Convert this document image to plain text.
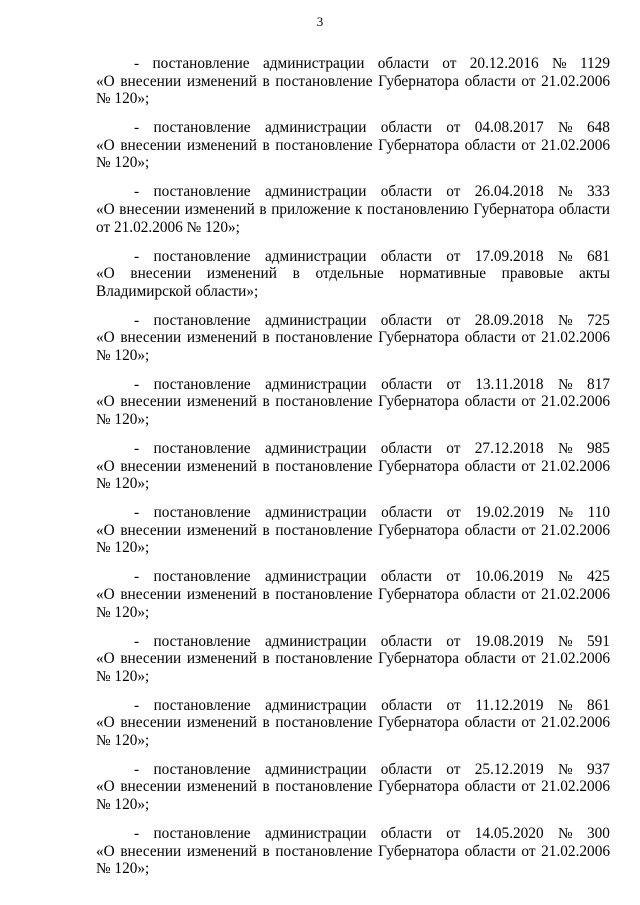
3
- постановление администрации области от 20.12.2016 № 1129
«О внесении изменений в постановление Губернатора области от 21.02.2006
№ 120»;
- постановление администрации области от 04.08.2017 № 648
«О внесении изменений в постановление Губернатора области от 21.02.2006
№ 120»;
- постановление администрации области от 26.04.2018 № 333
«О внесении изменений в приложение к постановлению Губернатора области
от 21.02.2006 № 120»;
- постановление администрации области от 17.09.2018 № 681
«О внесении изменений в отдельные нормативные правовые акты
Владимирской области»;
- постановление администрации области от 28.09.2018 № 725
«О внесении изменений в постановление Губернатора области от 21.02.2006
№ 120»;
- постановление администрации области от 13.11.2018 № 817
«О внесении изменений в постановление Губернатора области от 21.02.2006
№ 120»;
- постановление администрации области от 27.12.2018 № 985
«О внесении изменений в постановление Губернатора области от 21.02.2006
№ 120»;
- постановление администрации области от 19.02.2019 № 110
«О внесении изменений в постановление Губернатора области от 21.02.2006
№ 120»;
- постановление администрации области от 10.06.2019 № 425
«О внесении изменений в постановление Губернатора области от 21.02.2006
№ 120»;
- постановление администрации области от 19.08.2019 № 591
«О внесении изменений в постановление Губернатора области от 21.02.2006
№ 120»;
- постановление администрации области от 11.12.2019 № 861
«О внесении изменений в постановление Губернатора области от 21.02.2006
№ 120»;
- постановление администрации области от 25.12.2019 № 937
«О внесении изменений в постановление Губернатора области от 21.02.2006
№ 120»;
- постановление администрации области от 14.05.2020 № 300
«О внесении изменений в постановление Губернатора области от 21.02.2006
№ 120»;
